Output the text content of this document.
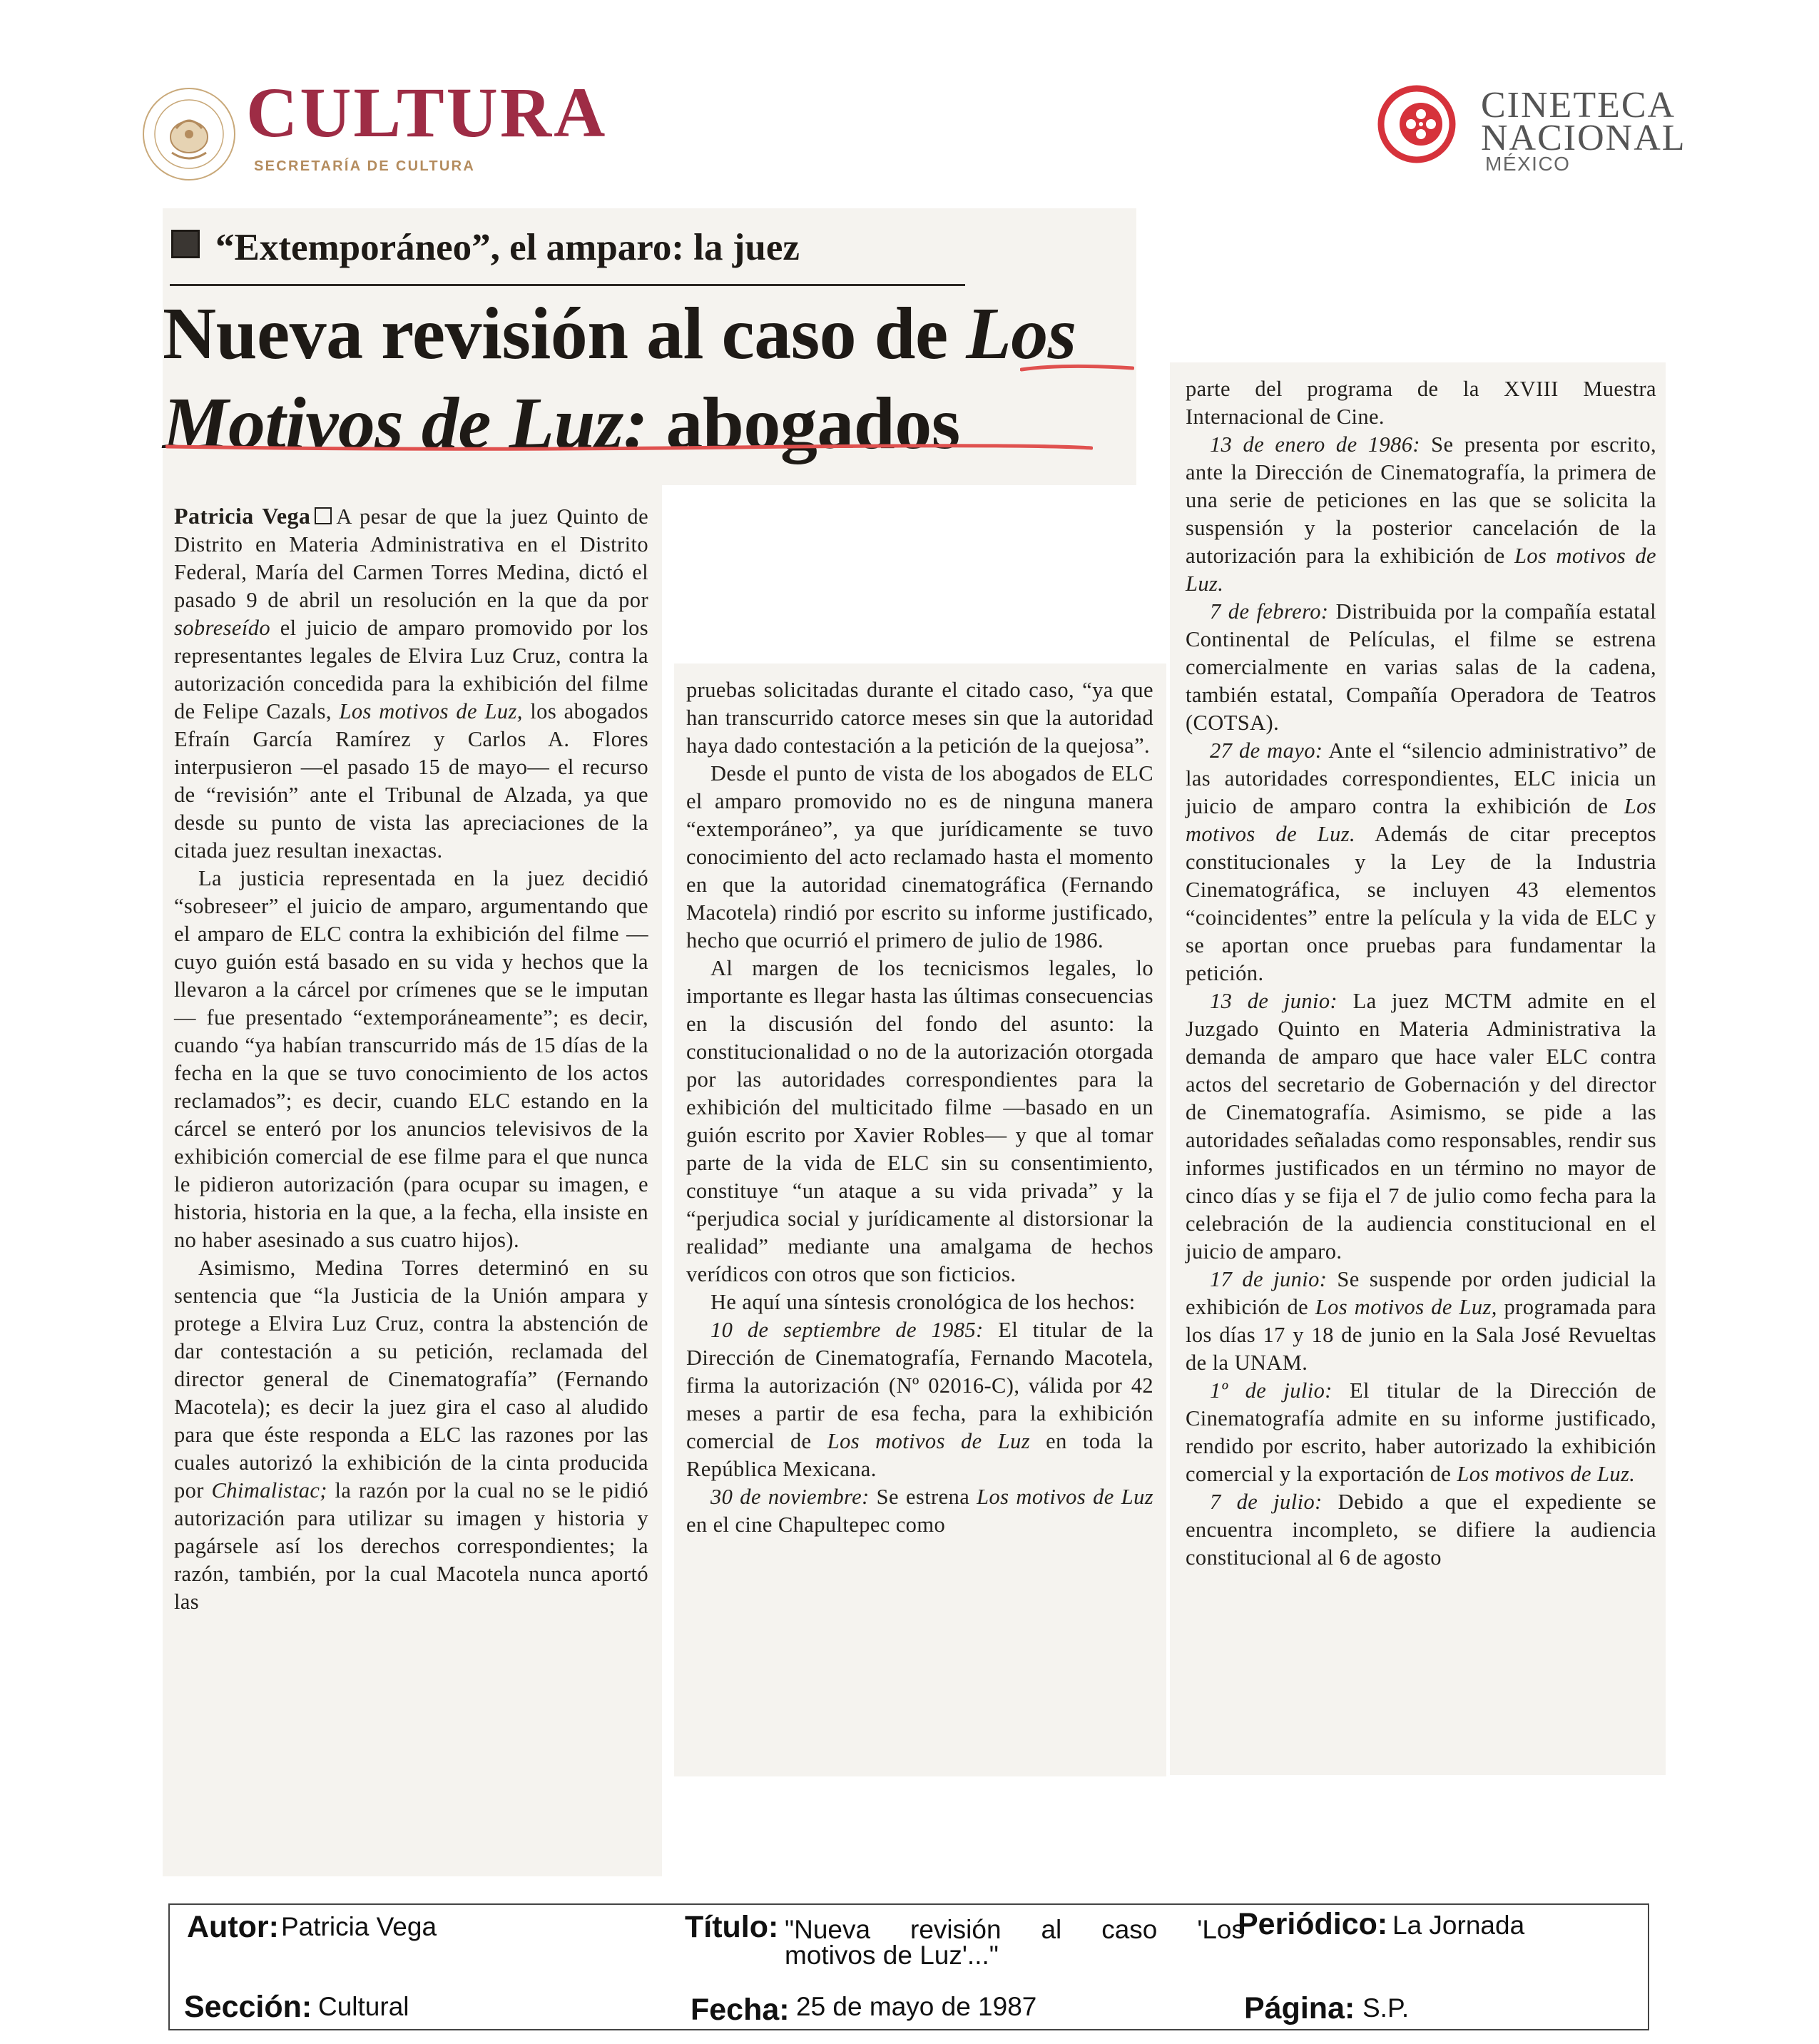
CULTURA
SECRETARÍA DE CULTURA
CINETECA
NACIONAL
MÉXICO
“Extemporáneo”, el amparo: la juez
Nueva revisión al caso de Los Motivos de Luz: abogados

Patricia Vega A pesar de que la juez Quinto de Distrito en Materia Administrativa en el Distrito Federal, María del Carmen Torres Medina, dictó el pasado 9 de abril un resolución en la que da por sobreseído el juicio de amparo promovido por los representantes legales de Elvira Luz Cruz, contra la autorización concedida para la exhibición del filme de Felipe Cazals, Los motivos de Luz, los abogados Efraín García Ramírez y Carlos A. Flores interpusieron —el pasado 15 de mayo— el recurso de “revisión” ante el Tribunal de Alzada, ya que desde su punto de vista las apreciaciones de la citada juez resultan inexactas.

La justicia representada en la juez decidió “sobreseer” el juicio de amparo, argumentando que el amparo de ELC contra la exhibición del filme —cuyo guión está basado en su vida y hechos que la llevaron a la cárcel por crímenes que se le imputan— fue presentado “extemporáneamente”; es decir, cuando “ya habían transcurrido más de 15 días de la fecha en la que se tuvo conocimiento de los actos reclamados”; es decir, cuando ELC estando en la cárcel se enteró por los anuncios televisivos de la exhibición comercial de ese filme para el que nunca le pidieron autorización (para ocupar su imagen, e historia, historia en la que, a la fecha, ella insiste en no haber asesinado a sus cuatro hijos).

Asimismo, Medina Torres determinó en su sentencia que “la Justicia de la Unión ampara y protege a Elvira Luz Cruz, contra la abstención de dar contestación a su petición, reclamada del director general de Cinematografía” (Fernando Macotela); es decir la juez gira el caso al aludido para que éste responda a ELC las razones por las cuales autorizó la exhibición de la cinta producida por Chimalistac; la razón por la cual no se le pidió autorización para utilizar su imagen y historia y pagársele así los derechos correspondientes; la razón, también, por la cual Macotela nunca aportó las

pruebas solicitadas durante el citado caso, “ya que han transcurrido catorce meses sin que la autoridad haya dado contestación a la petición de la quejosa”.

Desde el punto de vista de los abogados de ELC el amparo promovido no es de ninguna manera “extemporáneo”, ya que jurídicamente se tuvo conocimiento del acto reclamado hasta el momento en que la autoridad cinematográfica (Fernando Macotela) rindió por escrito su informe justificado, hecho que ocurrió el primero de julio de 1986.

Al margen de los tecnicismos legales, lo importante es llegar hasta las últimas consecuencias en la discusión del fondo del asunto: la constitucionalidad o no de la autorización otorgada por las autoridades correspondientes para la exhibición del multicitado filme —basado en un guión escrito por Xavier Robles— y que al tomar parte de la vida de ELC sin su consentimiento, constituye “un ataque a su vida privada” y la “perjudica social y jurídicamente al distorsionar la realidad” mediante una amalgama de hechos verídicos con otros que son ficticios.

He aquí una síntesis cronológica de los hechos:

10 de septiembre de 1985: El titular de la Dirección de Cinematografía, Fernando Macotela, firma la autorización (Nº 02016-C), válida por 42 meses a partir de esa fecha, para la exhibición comercial de Los motivos de Luz en toda la República Mexicana.

30 de noviembre: Se estrena Los motivos de Luz en el cine Chapultepec como

parte del programa de la XVIII Muestra Internacional de Cine.

13 de enero de 1986: Se presenta por escrito, ante la Dirección de Cinematografía, la primera de una serie de peticiones en las que se solicita la suspensión y la posterior cancelación de la autorización para la exhibición de Los motivos de Luz.

7 de febrero: Distribuida por la compañía estatal Continental de Películas, el filme se estrena comercialmente en varias salas de la cadena, también estatal, Compañía Operadora de Teatros (COTSA).

27 de mayo: Ante el “silencio administrativo” de las autoridades correspondientes, ELC inicia un juicio de amparo contra la exhibición de Los motivos de Luz. Además de citar preceptos constitucionales y la Ley de la Industria Cinematográfica, se incluyen 43 elementos “coincidentes” entre la película y la vida de ELC y se aportan once pruebas para fundamentar la petición.

13 de junio: La juez MCTM admite en el Juzgado Quinto en Materia Administrativa la demanda de amparo que hace valer ELC contra actos del secretario de Gobernación y del director de Cinematografía. Asimismo, se pide a las autoridades señaladas como responsables, rendir sus informes justificados en un término no mayor de cinco días y se fija el 7 de julio como fecha para la celebración de la audiencia constitucional en el juicio de amparo.

17 de junio: Se suspende por orden judicial la exhibición de Los motivos de Luz, programada para los días 17 y 18 de junio en la Sala José Revueltas de la UNAM.

1º de julio: El titular de la Dirección de Cinematografía admite en su informe justificado, rendido por escrito, haber autorizado la exhibición comercial y la exportación de Los motivos de Luz.

7 de julio: Debido a que el expediente se encuentra incompleto, se difiere la audiencia constitucional al 6 de agosto

Autor: Patricia Vega	Título: "Nueva revisión al caso 'Los
motivos de Luz'..."
Periódico: La Jornada
Sección: Cultural	Fecha: 25 de mayo de 1987	Página: S.P.
